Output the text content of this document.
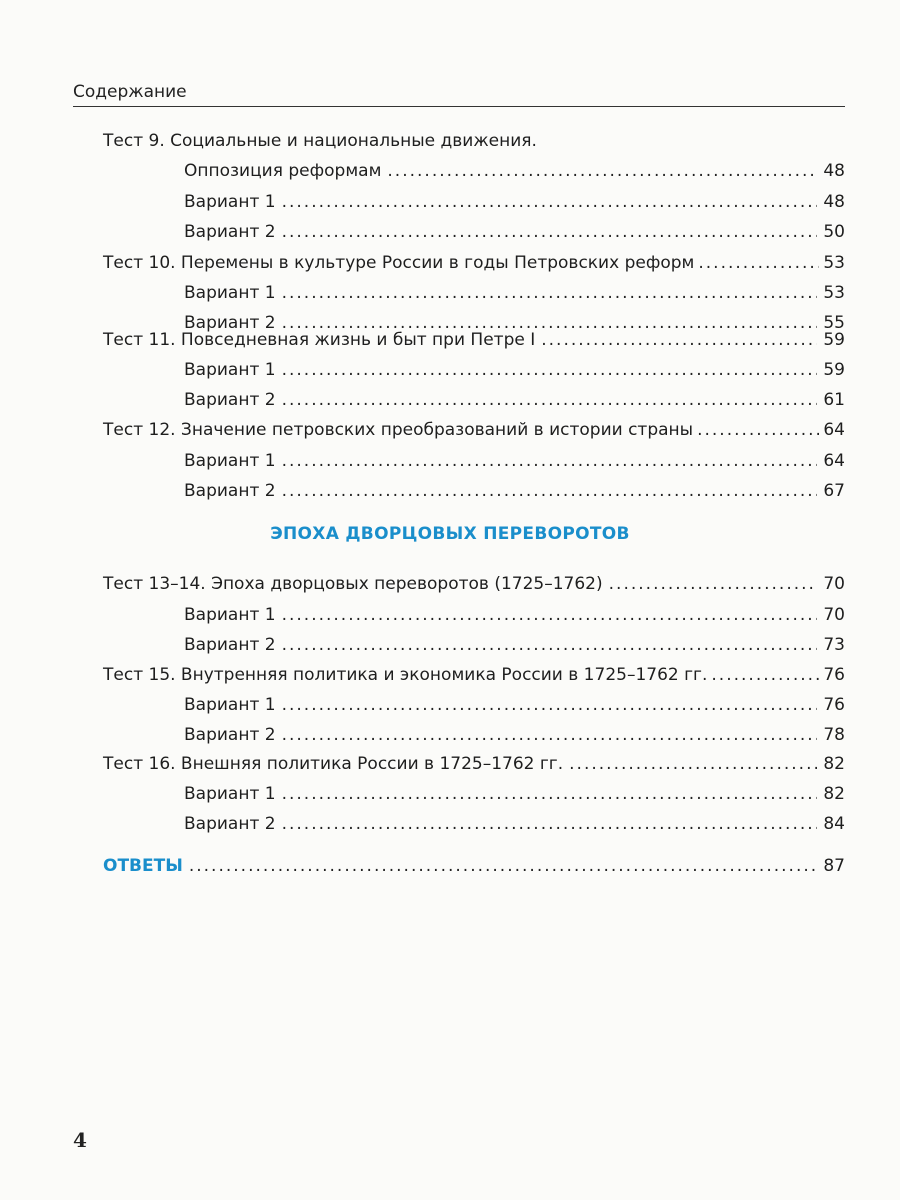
Содержание
Тест 9. Социальные и национальные движения.
Оппозиция реформам .....	48
Вариант 1 .....	48
Вариант 2 .....	50
Тест 10. Перемены в культуре России в годы Петровских реформ .....	53
Вариант 1 .....	53
Вариант 2 .....	55
Тест 11. Повседневная жизнь и быт при Петре I .....	59
Вариант 1 .....	59
Вариант 2 .....	61
Тест 12. Значение петровских преобразований в истории страны .....	64
Вариант 1 .....	64
Вариант 2 .....	67
ЭПОХА ДВОРЦОВЫХ ПЕРЕВОРОТОВ
Тест 13–14. Эпоха дворцовых переворотов (1725–1762) .....	70
Вариант 1 .....	70
Вариант 2 .....	73
Тест 15. Внутренняя политика и экономика России в 1725–1762 гг. .....	76
Вариант 1 .....	76
Вариант 2 .....	78
Тест 16. Внешняя политика России в 1725–1762 гг. .....	82
Вариант 1 .....	82
Вариант 2 .....	84
ОТВЕТЫ .....	87
4
